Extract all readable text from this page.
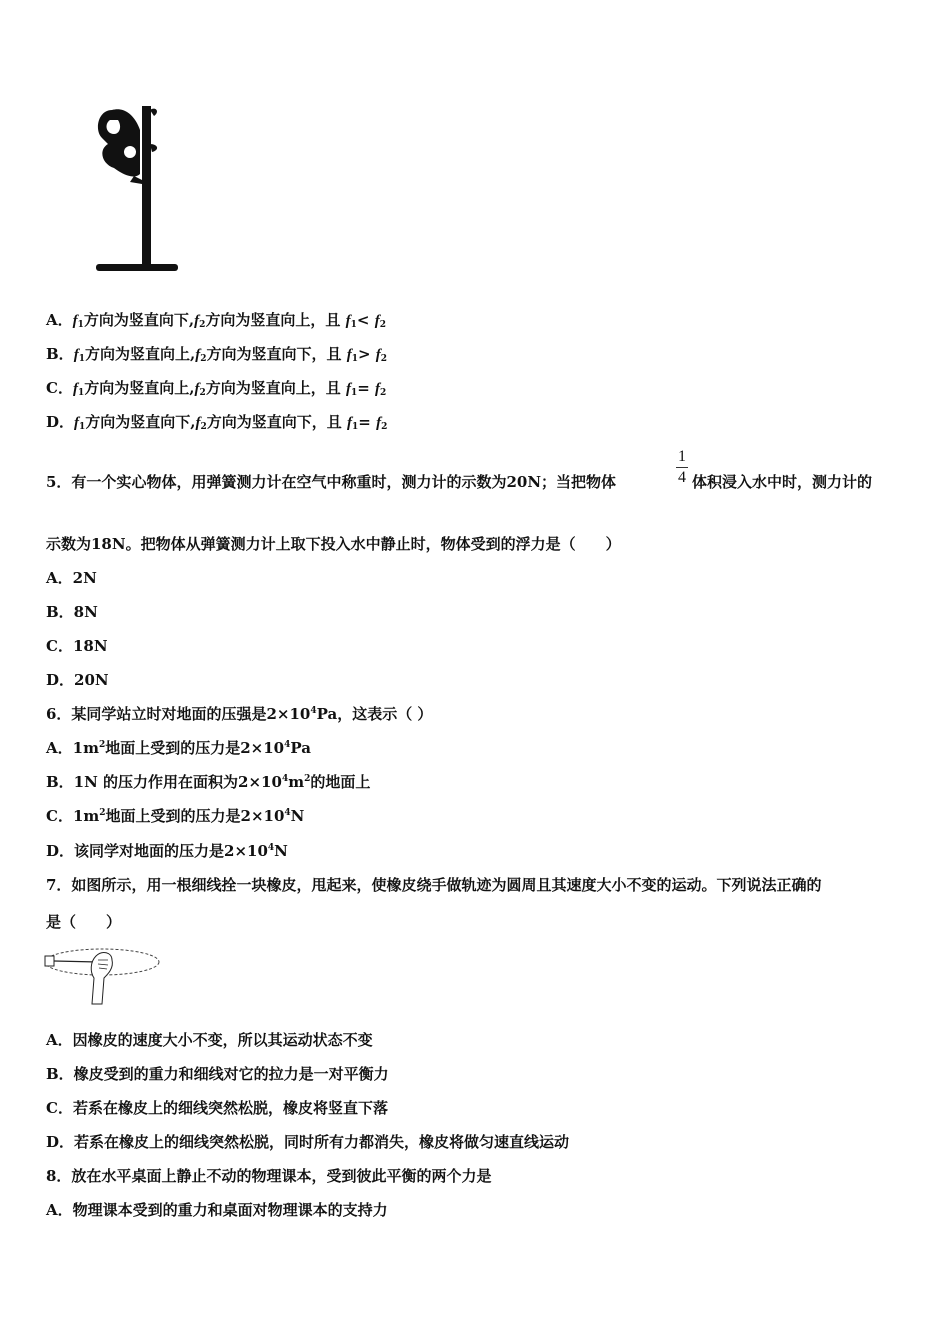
A．$f_1$方向为竖直向下$,f_2$方向为竖直向上，且 $f_1< f_2$
B．$f_1$方向为竖直向上$,f_2$方向为竖直向下，且 $f_1> f_2$
C．$f_1$方向为竖直向上$,f_2$方向为竖直向上，且 $f_1= f_2$
D．$f_1$方向为竖直向下$,f_2$方向为竖直向下，且 $f_1= f_2$
5．有一个实心物体，用弹簧测力计在空气中称重时，测力计的示数为20N；当把物体
1
4 体积浸入水中时，测力计的
示数为18N。把物体从弹簧测力计上取下投入水中静止时，物体受到的浮力是（　　）
A．2N
B．8N
C．18N
D．20N
6．某同学站立时对地面的压强是$2\times 10^4Pa$，这表示（ ）
A．$1m^2$地面上受到的压力是$2\times 10^4Pa$
B．1N 的压力作用在面积为$2\times 10^4m^2$的地面上
C．$1m^2$地面上受到的压力是$2\times 10^4N$
D．该同学对地面的压力是$2\times 10^4N$
7．如图所示，用一根细线拴一块橡皮，甩起来，使橡皮绕手做轨迹为圆周且其速度大小不变的运动。下列说法正确的
是（　　）
A．因橡皮的速度大小不变，所以其运动状态不变
B．橡皮受到的重力和细线对它的拉力是一对平衡力
C．若系在橡皮上的细线突然松脱，橡皮将竖直下落
D．若系在橡皮上的细线突然松脱，同时所有力都消失，橡皮将做匀速直线运动
8．放在水平桌面上静止不动的物理课本，受到彼此平衡的两个力是
A．物理课本受到的重力和桌面对物理课本的支持力
